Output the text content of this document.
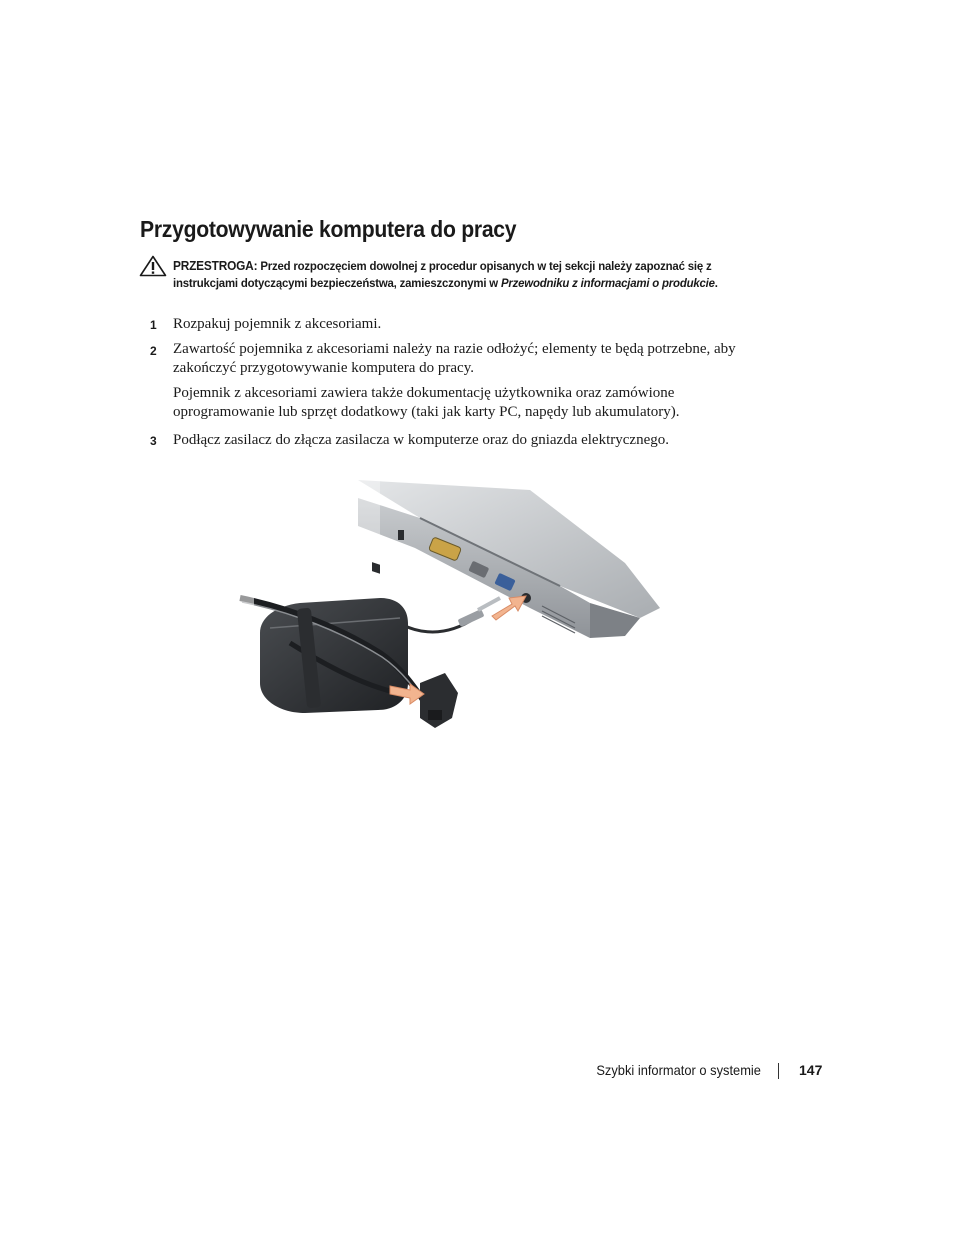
Przygotowywanie komputera do pracy
PRZESTROGA: Przed rozpoczęciem dowolnej z procedur opisanych w tej sekcji należy zapoznać się z instrukcjami dotyczącymi bezpieczeństwa, zamieszczonymi w Przewodniku z informacjami o produkcie.
1 Rozpakuj pojemnik z akcesoriami.
2 Zawartość pojemnika z akcesoriami należy na razie odłożyć; elementy te będą potrzebne, aby zakończyć przygotowywanie komputera do pracy.
Pojemnik z akcesoriami zawiera także dokumentację użytkownika oraz zamówione oprogramowanie lub sprzęt dodatkowy (taki jak karty PC, napędy lub akumulatory).
3 Podłącz zasilacz do złącza zasilacza w komputerze oraz do gniazda elektrycznego.
Szybki informator o systemie	147
